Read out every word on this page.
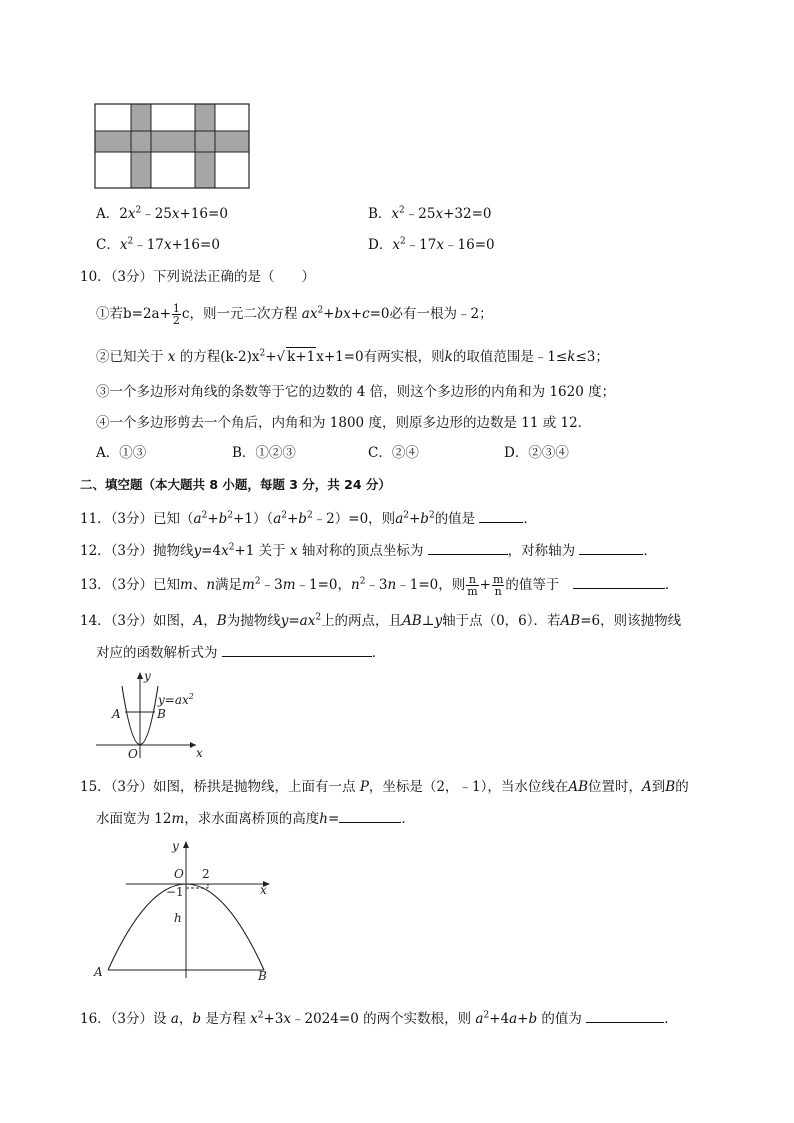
A．$2x^2﹣25x+16=0$	B．$x^2﹣25x+32=0$
C．$x^2﹣17x+16=0$	D．$x^2﹣17x﹣16=0$
10．（3分）下列说法正确的是（　　）
①若$b=2a+ \frac{1}{2}$ c，则一元二次方程 $ax^2+bx+c=0$必有一根为﹣2；
②已知关于 x 的方程$(k-2)x^2+√$ k+1x+1=0有两实根，则k的取值范围是﹣1≤k≤3；
③一个多边形对角线的条数等于它的边数的 4 倍，则这个多边形的内角和为 1620 度；
④一个多边形剪去一个角后，内角和为 1800 度，则原多边形的边数是 11 或 12．
A．①③	B．①②③	C．②④	D．②③④
二、填空题（本大题共 8 小题，每题 3 分，共 24 分）
11．（3分）已知$(a^2+b^2+1)(a^2+b^2﹣2)=0$，则$a^2+b^2$的值是	．
12．（3分）抛物线$y=4x^2+1$ 关于 x 轴对称的顶点坐标为	，对称轴为	．
13．（3分）已知m、n满足$m^2﹣3m﹣1=0$，$n^2﹣3n﹣1=0$，则 $\frac{n}{m} + \frac{m}{n}$ 的值等于　	．
14．（3分）如图，A，B为抛物线$y=ax^2$上的两点，且AB⊥y轴于点（0，6）．若AB=6，则该抛物线
对应的函数解析式为	．
y
x
O
A	B
$y=ax^2$
15．（3分）如图，桥拱是抛物线，上面有一点 P，坐标是（2，﹣1），当水位线在AB位置时，A到B的
水面宽为 12m，求水面离桥顶的高度h=	．
y
x
O 2
−1
h
A	B
16．（3分）设 a，b 是方程 $x^2+3x﹣2024=0$ 的两个实数根，则 $a^2+4a+b$ 的值为	．
